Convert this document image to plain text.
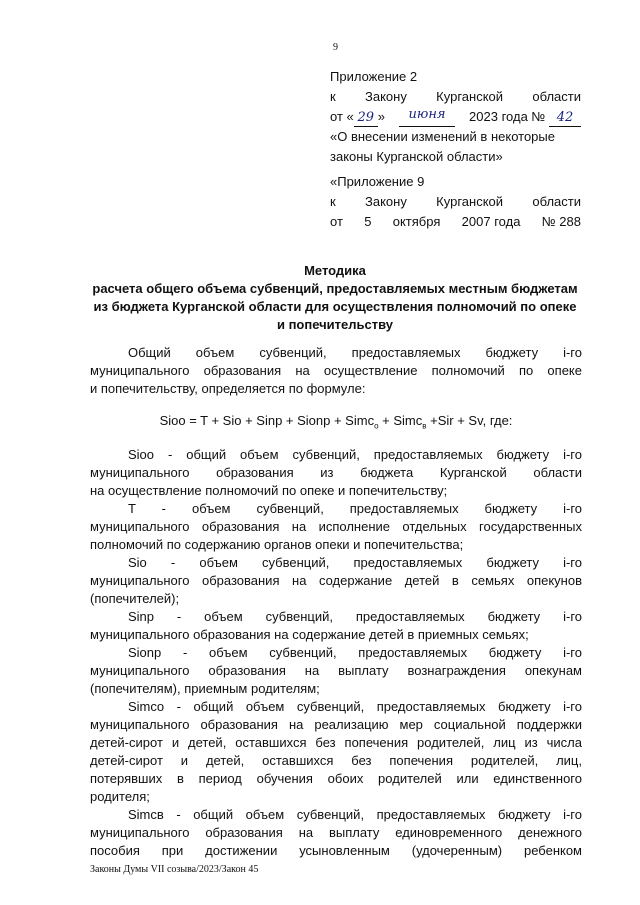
9
Приложение 2
к Закону Курганской области
от « 29 »	июня	2023 года № 42
«О внесении изменений в некоторые
законы Курганской области»
«Приложение 9
к Закону Курганской области
от 5 октября 2007 года № 288
Методика
расчета общего объема субвенций, предоставляемых местным бюджетам
из бюджета Курганской области для осуществления полномочий по опеке
и попечительству
Общий объем субвенций, предоставляемых бюджету i-го
муниципального образования на осуществление полномочий по опеке
и попечительству, определяется по формуле:
Sioo = T + Sio + Sinp + Sionp + Simc$_о$ + Simc$_в$ +Sir + Sv, где:
Sioo - общий объем субвенций, предоставляемых бюджету i-го
муниципального образования из бюджета Курганской области
на осуществление полномочий по опеке и попечительству;
T - объем субвенций, предоставляемых бюджету i-го
муниципального образования на исполнение отдельных государственных
полномочий по содержанию органов опеки и попечительства;
Sio - объем субвенций, предоставляемых бюджету i-го
муниципального образования на содержание детей в семьях опекунов
(попечителей);
Sinp - объем субвенций, предоставляемых бюджету i-го
муниципального образования на содержание детей в приемных семьях;
Sionp - объем субвенций, предоставляемых бюджету i-го
муниципального образования на выплату вознаграждения опекунам
(попечителям), приемным родителям;
Simcо - общий объем субвенций, предоставляемых бюджету i-го
муниципального образования на реализацию мер социальной поддержки
детей-сирот и детей, оставшихся без попечения родителей, лиц из числа
детей-сирот и детей, оставшихся без попечения родителей, лиц,
потерявших в период обучения обоих родителей или единственного
родителя;
Simcв - общий объем субвенций, предоставляемых бюджету i-го
муниципального образования на выплату единовременного денежного
пособия при достижении усыновленным (удочеренным) ребенком
Законы Думы VII созыва/2023/Закон 45
